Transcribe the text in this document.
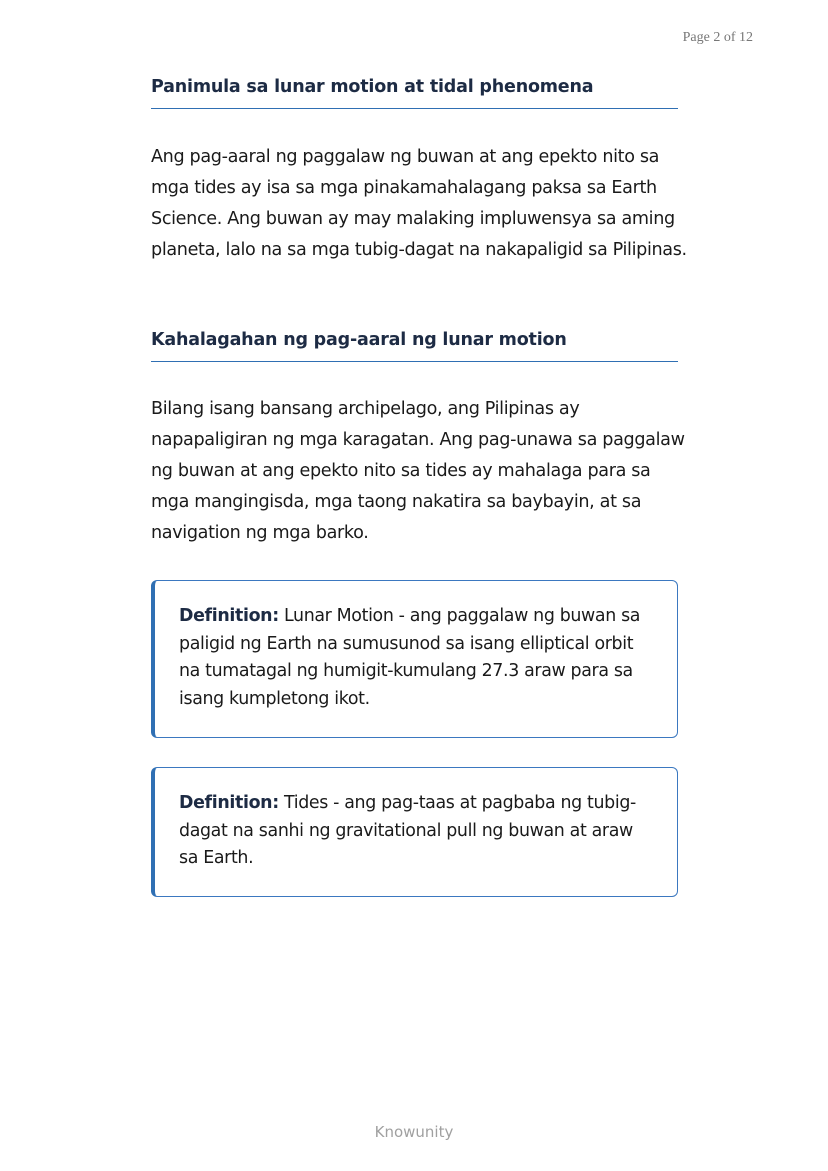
Page 2 of 12
Panimula sa lunar motion at tidal phenomena

Ang pag-aaral ng paggalaw ng buwan at ang epekto nito sa mga tides ay isa sa mga pinakamahalagang paksa sa Earth Science. Ang buwan ay may malaking impluwensya sa aming planeta, lalo na sa mga tubig-dagat na nakapaligid sa Pilipinas.

Kahalagahan ng pag-aaral ng lunar motion

Bilang isang bansang archipelago, ang Pilipinas ay napapaligiran ng mga karagatan. Ang pag-unawa sa paggalaw ng buwan at ang epekto nito sa tides ay mahalaga para sa mga mangingisda, mga taong nakatira sa baybayin, at sa navigation ng mga barko.

Definition: Lunar Motion - ang paggalaw ng buwan sa paligid ng Earth na sumusunod sa isang elliptical orbit na tumatagal ng humigit-kumulang 27.3 araw para sa isang kumpletong ikot.
Definition: Tides - ang pag-taas at pagbaba ng tubig-dagat na sanhi ng gravitational pull ng buwan at araw sa Earth.
Knowunity
